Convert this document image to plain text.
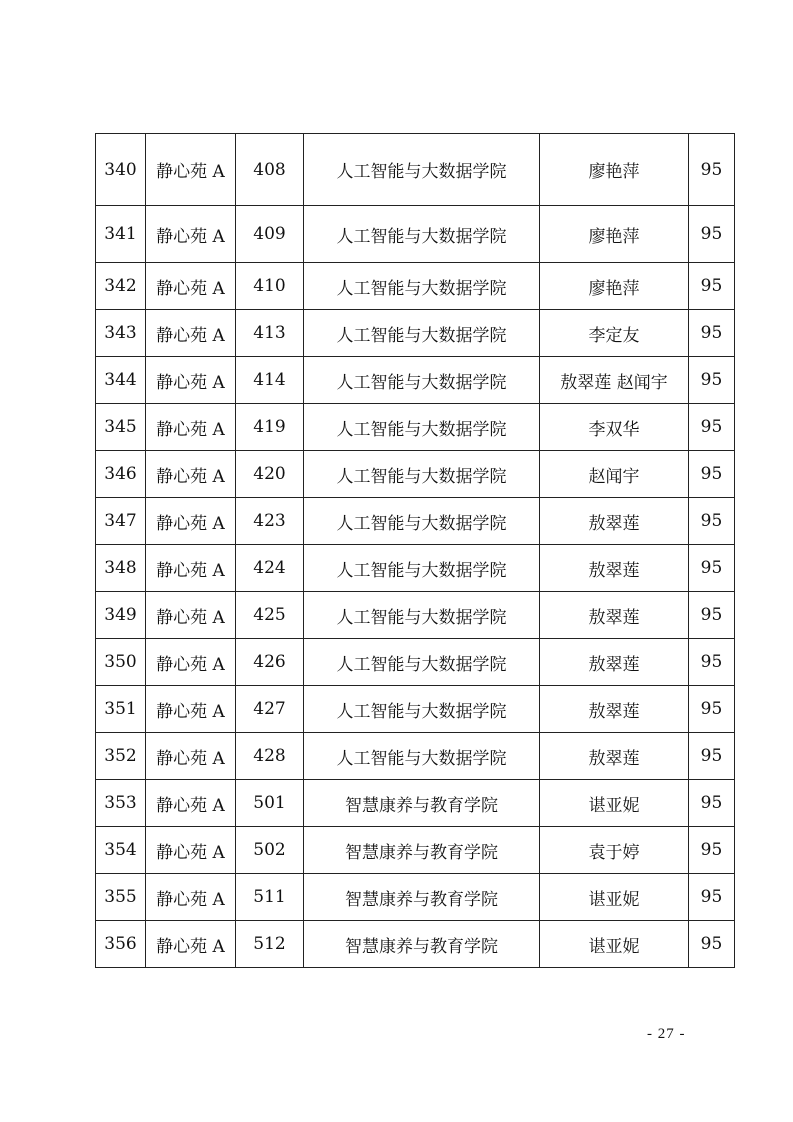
340	静心苑 A	408	人工智能与大数据学院	廖艳萍	95
341	静心苑 A	409	人工智能与大数据学院	廖艳萍	95
342	静心苑 A	410	人工智能与大数据学院	廖艳萍	95
343	静心苑 A	413	人工智能与大数据学院	李定友	95
344	静心苑 A	414	人工智能与大数据学院	敖翠莲 赵闻宇	95
345	静心苑 A	419	人工智能与大数据学院	李双华	95
346	静心苑 A	420	人工智能与大数据学院	赵闻宇	95
347	静心苑 A	423	人工智能与大数据学院	敖翠莲	95
348	静心苑 A	424	人工智能与大数据学院	敖翠莲	95
349	静心苑 A	425	人工智能与大数据学院	敖翠莲	95
350	静心苑 A	426	人工智能与大数据学院	敖翠莲	95
351	静心苑 A	427	人工智能与大数据学院	敖翠莲	95
352	静心苑 A	428	人工智能与大数据学院	敖翠莲	95
353	静心苑 A	501	智慧康养与教育学院	谌亚妮	95
354	静心苑 A	502	智慧康养与教育学院	袁于婷	95
355	静心苑 A	511	智慧康养与教育学院	谌亚妮	95
356	静心苑 A	512	智慧康养与教育学院	谌亚妮	95
- 27 -
